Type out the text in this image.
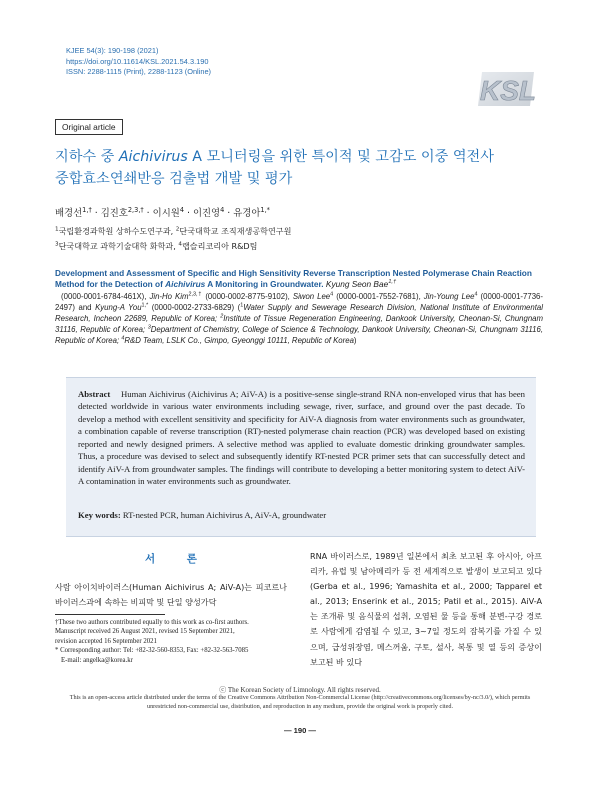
KJEE 54(3): 190-198 (2021)
https://doi.org/10.11614/KSL.2021.54.3.190
ISSN: 2288-1115 (Print), 2288-1123 (Online)
KSL
Original article
지하수 중 Aichivirus A 모니터링을 위한 특이적 및 고감도 이중 역전사
중합효소연쇄반응 검출법 개발 및 평가
배경선$^{1,\dagger}$ · 김진호$^{2,3,\dagger}$ · 이시원$^4$ · 이진영$^4$ · 유경아$^{1,*}$
$^1$국립환경과학원 상하수도연구과, $^2$단국대학교 조직재생공학연구원
$^3$단국대학교 과학기술대학 화학과, $^4$랩슬리코리아 R&D팀
Development and Assessment of Specific and High Sensitivity Reverse Transcription Nested Polymerase Chain Reaction Method for the Detection of Aichivirus A Monitoring in Groundwater. Kyung Seon Bae$^{1,\dagger}$
(0000-0001-6784-461X), Jin-Ho Kim$^{2,3,\dagger}$ (0000-0002-8775-9102), Siwon Lee$^4$ (0000-0001-7552-7681), Jin-Young Lee$^4$ (0000-0001-7736-2497) and Kyung-A You$^{1,*}$ (0000-0002-2733-6829) ($^1$Water Supply and Sewerage Research Division, National Institute of Environmental Research, Incheon 22689, Republic of Korea; $^2$Institute of Tissue Regeneration Engineering, Dankook University, Cheonan-Si, Chungnam 31116, Republic of Korea; $^3$Department of Chemistry, College of Science & Technology, Dankook University, Cheonan-Si, Chungnam 31116, Republic of Korea; $^4$R&D Team, LSLK Co., Gimpo, Gyeonggi 10111, Republic of Korea)
Abstract Human Aichivirus (Aichivirus A; AiV-A) is a positive-sense single-strand RNA non-enveloped virus that has been detected worldwide in various water environments including sewage, river, surface, and ground over the past decade. To develop a method with excellent sensitivity and specificity for AiV-A diagnosis from water environments such as groundwater, a combination capable of reverse transcription (RT)-nested polymerase chain reaction (PCR) was developed based on existing reported and newly designed primers. A selective method was applied to evaluate domestic drinking groundwater samples. Thus, a procedure was devised to select and subsequently identify RT-nested PCR primer sets that can successfully detect and identify AiV-A from groundwater samples. The findings will contribute to developing a better monitoring system to detect AiV-A contamination in water environments such as groundwater.
Key words: RT-nested PCR, human Aichivirus A, AiV-A, groundwater
서 론
사람 아이치바이러스(Human Aichivirus A; AiV-A)는 피코르나바이러스과에 속하는 비피막 및 단일 양성가닥
RNA 바이러스로, 1989년 일본에서 최초 보고된 후 아시아, 아프리카, 유럽 및 남아메리카 등 전 세계적으로 발생이 보고되고 있다(Gerba et al., 1996; Yamashita et al., 2000; Tapparel et al., 2013; Enserink et al., 2015; Patil et al., 2015). AiV-A는 조개류 및 음식물의 섭취, 오염된 물 등을 통해 분변-구강 경로로 사람에게 감염될 수 있고, 3~7일 정도의 잠복기를 가질 수 있으며, 급성위장염, 메스꺼움, 구토, 설사, 복통 및 열 등의 증상이 보고된 바 있다
†These two authors contributed equally to this work as co-first authors.
Manuscript received 26 August 2021, revised 15 September 2021,
revision accepted 16 September 2021
* Corresponding author: Tel: +82-32-560-8353, Fax: +82-32-563-7085
E-mail: angelka@korea.kr
ⓒ The Korean Society of Limnology. All rights reserved.
This is an open-access article distributed under the terms of the Creative Commons Attribution Non-Commercial License (http://creativecommons.org/licenses/by-nc/3.0/), which permits unrestricted non-commercial use, distribution, and reproduction in any medium, provide the original work is properly cited.
— 190 —
